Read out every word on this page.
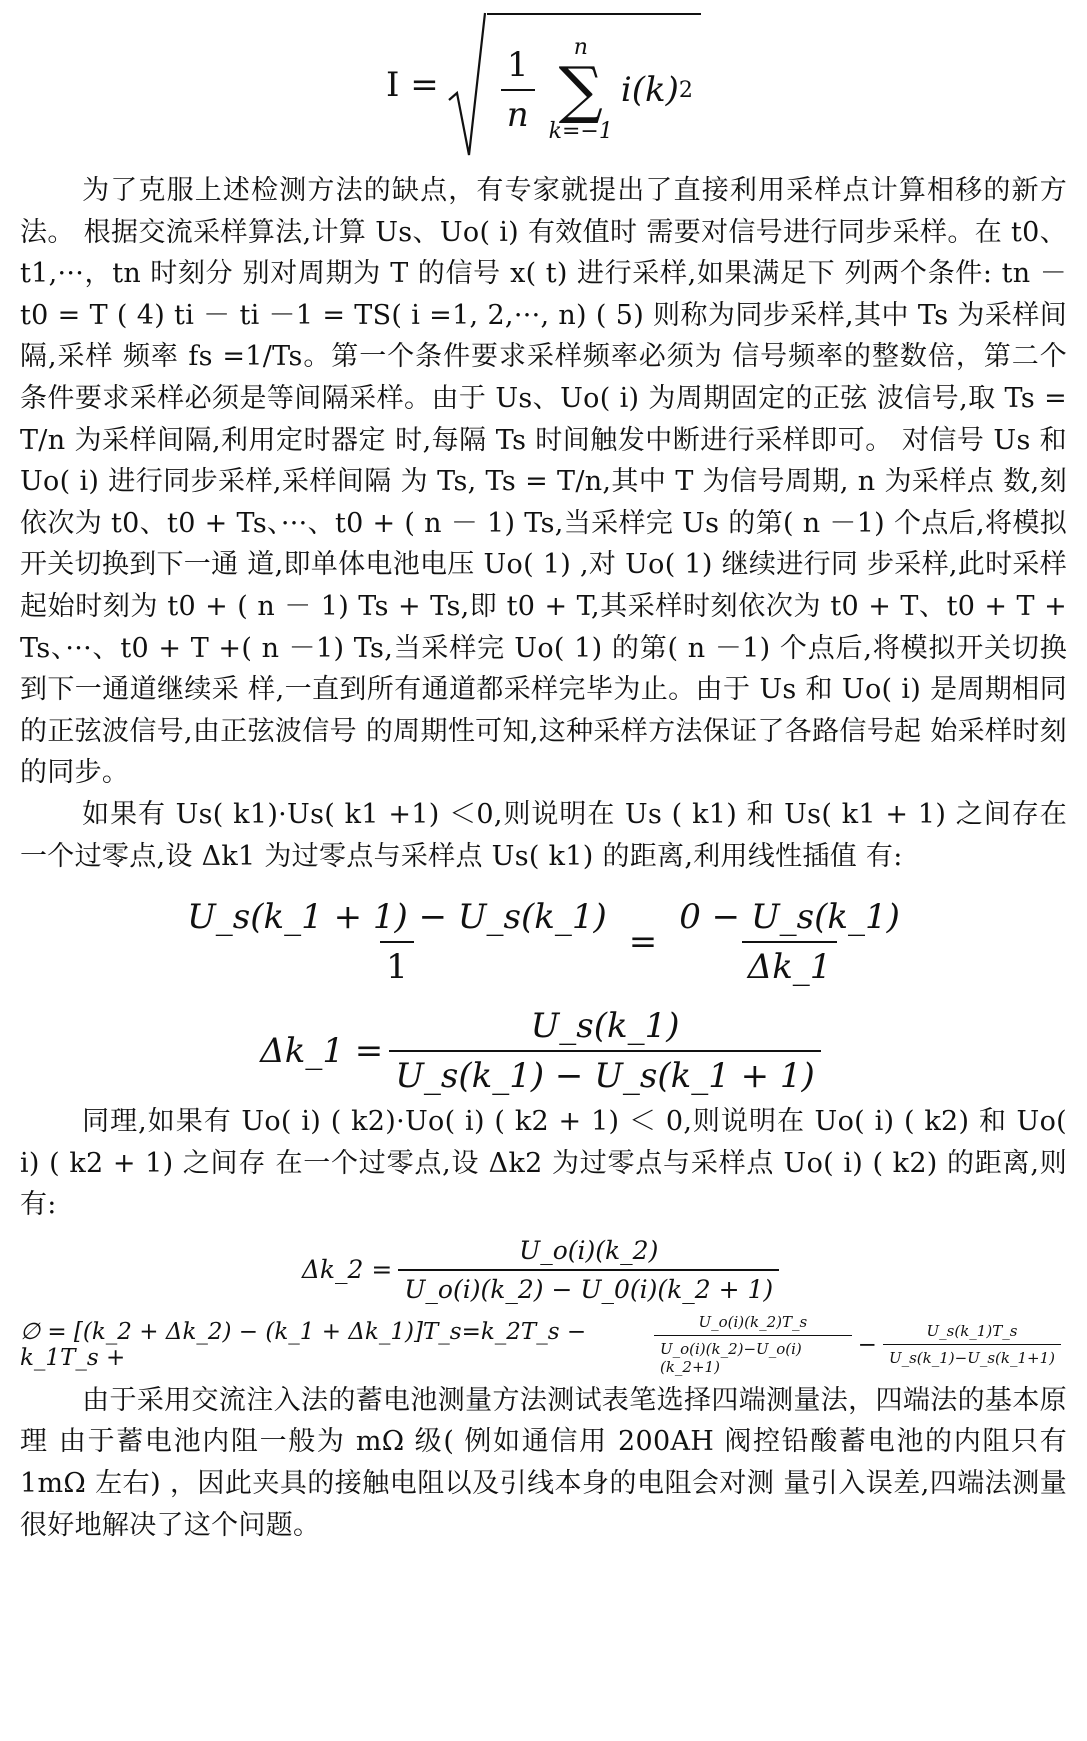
$I = \frac{1}{n}$ n
∑
k=−1
i(k) 2

为了克服上述检测方法的缺点，有专家就提出了直接利用采样点计算相移的新方法。 根据交流采样算法,计算 Us、Uo( i) 有效值时 需要对信号进行同步采样。在 t0、t1,···，tn 时刻分 别对周期为 T 的信号 x( t) 进行采样,如果满足下 列两个条件: tn － t0 = T ( 4) ti － ti －1 = TS( i =1, 2,···, n) ( 5) 则称为同步采样,其中 Ts 为采样间隔,采样 频率 fs =1/Ts。第一个条件要求采样频率必须为 信号频率的整数倍，第二个条件要求采样必须是等间隔采样。由于 Us、Uo( i) 为周期固定的正弦 波信号,取 Ts = T/n 为采样间隔,利用定时器定 时,每隔 Ts 时间触发中断进行采样即可。 对信号 Us 和 Uo( i) 进行同步采样,采样间隔 为 Ts, Ts = T/n,其中 T 为信号周期, n 为采样点 数,刻依次为 t0、t0 + Ts、···、t0 + ( n － 1) Ts,当采样完 Us 的第( n －1) 个点后,将模拟开关切换到下一通 道,即单体电池电压 Uo( 1) ,对 Uo( 1) 继续进行同 步采样,此时采样起始时刻为 t0 + ( n － 1) Ts + Ts,即 t0 + T,其采样时刻依次为 t0 + T、t0 + T + Ts、···、t0 + T +( n －1) Ts,当采样完 Uo( 1) 的第( n －1) 个点后,将模拟开关切换到下一通道继续采 样,一直到所有通道都采样完毕为止。由于 Us 和 Uo( i) 是周期相同的正弦波信号,由正弦波信号 的周期性可知,这种采样方法保证了各路信号起 始采样时刻的同步。

如果有 Us( k1)·Us( k1 +1) ＜0,则说明在 Us ( k1) 和 Us( k1 + 1) 之间存在一个过零点,设 Δk1 为过零点与采样点 Us( k1) 的距离,利用线性插值 有:

$\frac{U\_s(k\_1 + 1) - U\_s(k\_1)}{1} = \frac{0 - U\_s(k\_1)}{\Delta k\_1}$
Δk_1 = $\frac{U\_s(k\_1)}{U\_s(k\_1) - U\_s(k\_1 + 1)}$

同理,如果有 Uo( i) ( k2)·Uo( i) ( k2 + 1) ＜ 0,则说明在 Uo( i) ( k2) 和 Uo( i) ( k2 + 1) 之间存 在一个过零点,设 Δk2 为过零点与采样点 Uo( i) ( k2) 的距离,则有:

Δk_2 = $\frac{U\_o(i)(k\_2)}{U\_o(i)(k\_2) - U\_0(i)(k\_2 + 1)}$
∅ = [(k_2 + Δk_2) − (k_1 + Δk_1)]T_s=k_2T_s − k_1T_s +	$\frac{U\_o(i)(k\_2)T\_s}{U\_o(i)(k\_2)-U\_o(i)(k\_2+1)} - \frac{U\_s(k\_1)T\_s}{U\_s(k\_1)-U\_s(k\_1+1)}$

由于采用交流注入法的蓄电池测量方法测试表笔选择四端测量法，四端法的基本原理 由于蓄电池内阻一般为 mΩ 级( 例如通信用 200AH 阀控铅酸蓄电池的内阻只有 1mΩ 左右) ，因此夹具的接触电阻以及引线本身的电阻会对测 量引入误差,四端法测量很好地解决了这个问题。
